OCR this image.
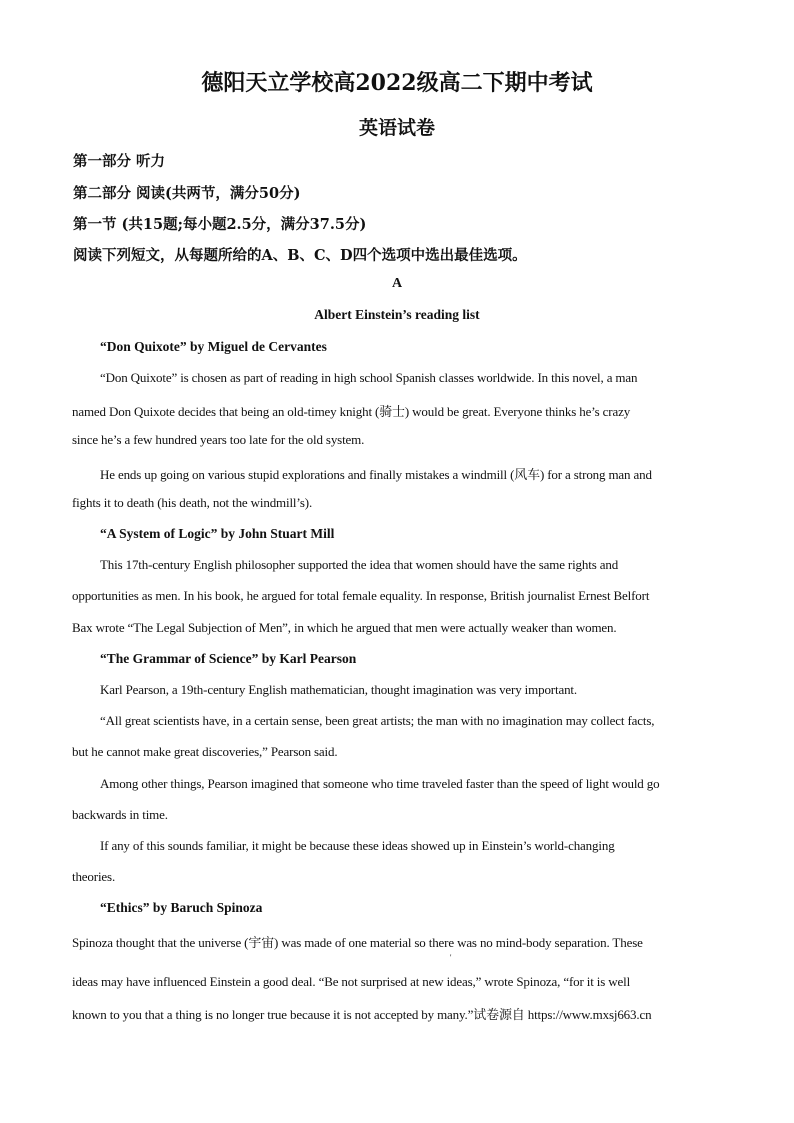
德阳天立学校高2022级高二下期中考试
英语试卷
第一部分 听力
第二部分 阅读(共两节，满分50分)
第一节 (共15题;每小题2.5分，满分37.5分)
阅读下列短文，从每题所给的A、B、C、D四个选项中选出最佳选项。
A
Albert Einstein’s reading list
“Don Quixote” by Miguel de Cervantes
“Don Quixote” is chosen as part of reading in high school Spanish classes worldwide. In this novel, a man
named Don Quixote decides that being an old-timey knight (骑士) would be great. Everyone thinks he’s crazy
since he’s a few hundred years too late for the old system.
He ends up going on various stupid explorations and finally mistakes a windmill (风车) for a strong man and
fights it to death (his death, not the windmill’s).
“A System of Logic” by John Stuart Mill
This 17th-century English philosopher supported the idea that women should have the same rights and
opportunities as men. In his book, he argued for total female equality. In response, British journalist Ernest Belfort
Bax wrote “The Legal Subjection of Men”, in which he argued that men were actually weaker than women.
“The Grammar of Science” by Karl Pearson
Karl Pearson, a 19th-century English mathematician, thought imagination was very important.
“All great scientists have, in a certain sense, been great artists; the man with no imagination may collect facts,
but he cannot make great discoveries,” Pearson said.
Among other things, Pearson imagined that someone who time traveled faster than the speed of light would go
backwards in time.
If any of this sounds familiar, it might be because these ideas showed up in Einstein’s world-changing
theories.
“Ethics” by Baruch Spinoza
Spinoza thought that the universe (宇宙) was made of one material so there was no mind-body separation. These
'
ideas may have influenced Einstein a good deal. “Be not surprised at new ideas,” wrote Spinoza, “for it is well
known to you that a thing is no longer true because it is not accepted by many.”试卷源自 https://www.mxsj663.cn
